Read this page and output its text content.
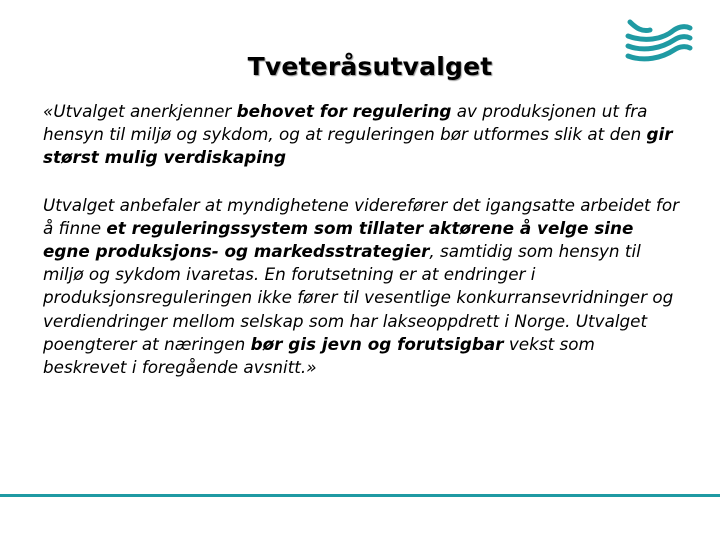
Tveteråsutvalget

«Utvalget anerkjenner behovet for regulering av produksjonen ut fra hensyn til miljø og sykdom, og at reguleringen bør utformes slik at den gir størst mulig verdiskaping

Utvalget anbefaler at myndighetene viderefører det igangsatte arbeidet for å finne et reguleringssystem som tillater aktørene å velge sine egne produksjons- og markedsstrategier, samtidig som hensyn til miljø og sykdom ivaretas. En forutsetning er at endringer i produksjonsreguleringen ikke fører til vesentlige konkurransevridninger og verdiendringer mellom selskap som har lakseoppdrett i Norge. Utvalget poengterer at næringen bør gis jevn og forutsigbar vekst som beskrevet i foregående avsnitt.»
